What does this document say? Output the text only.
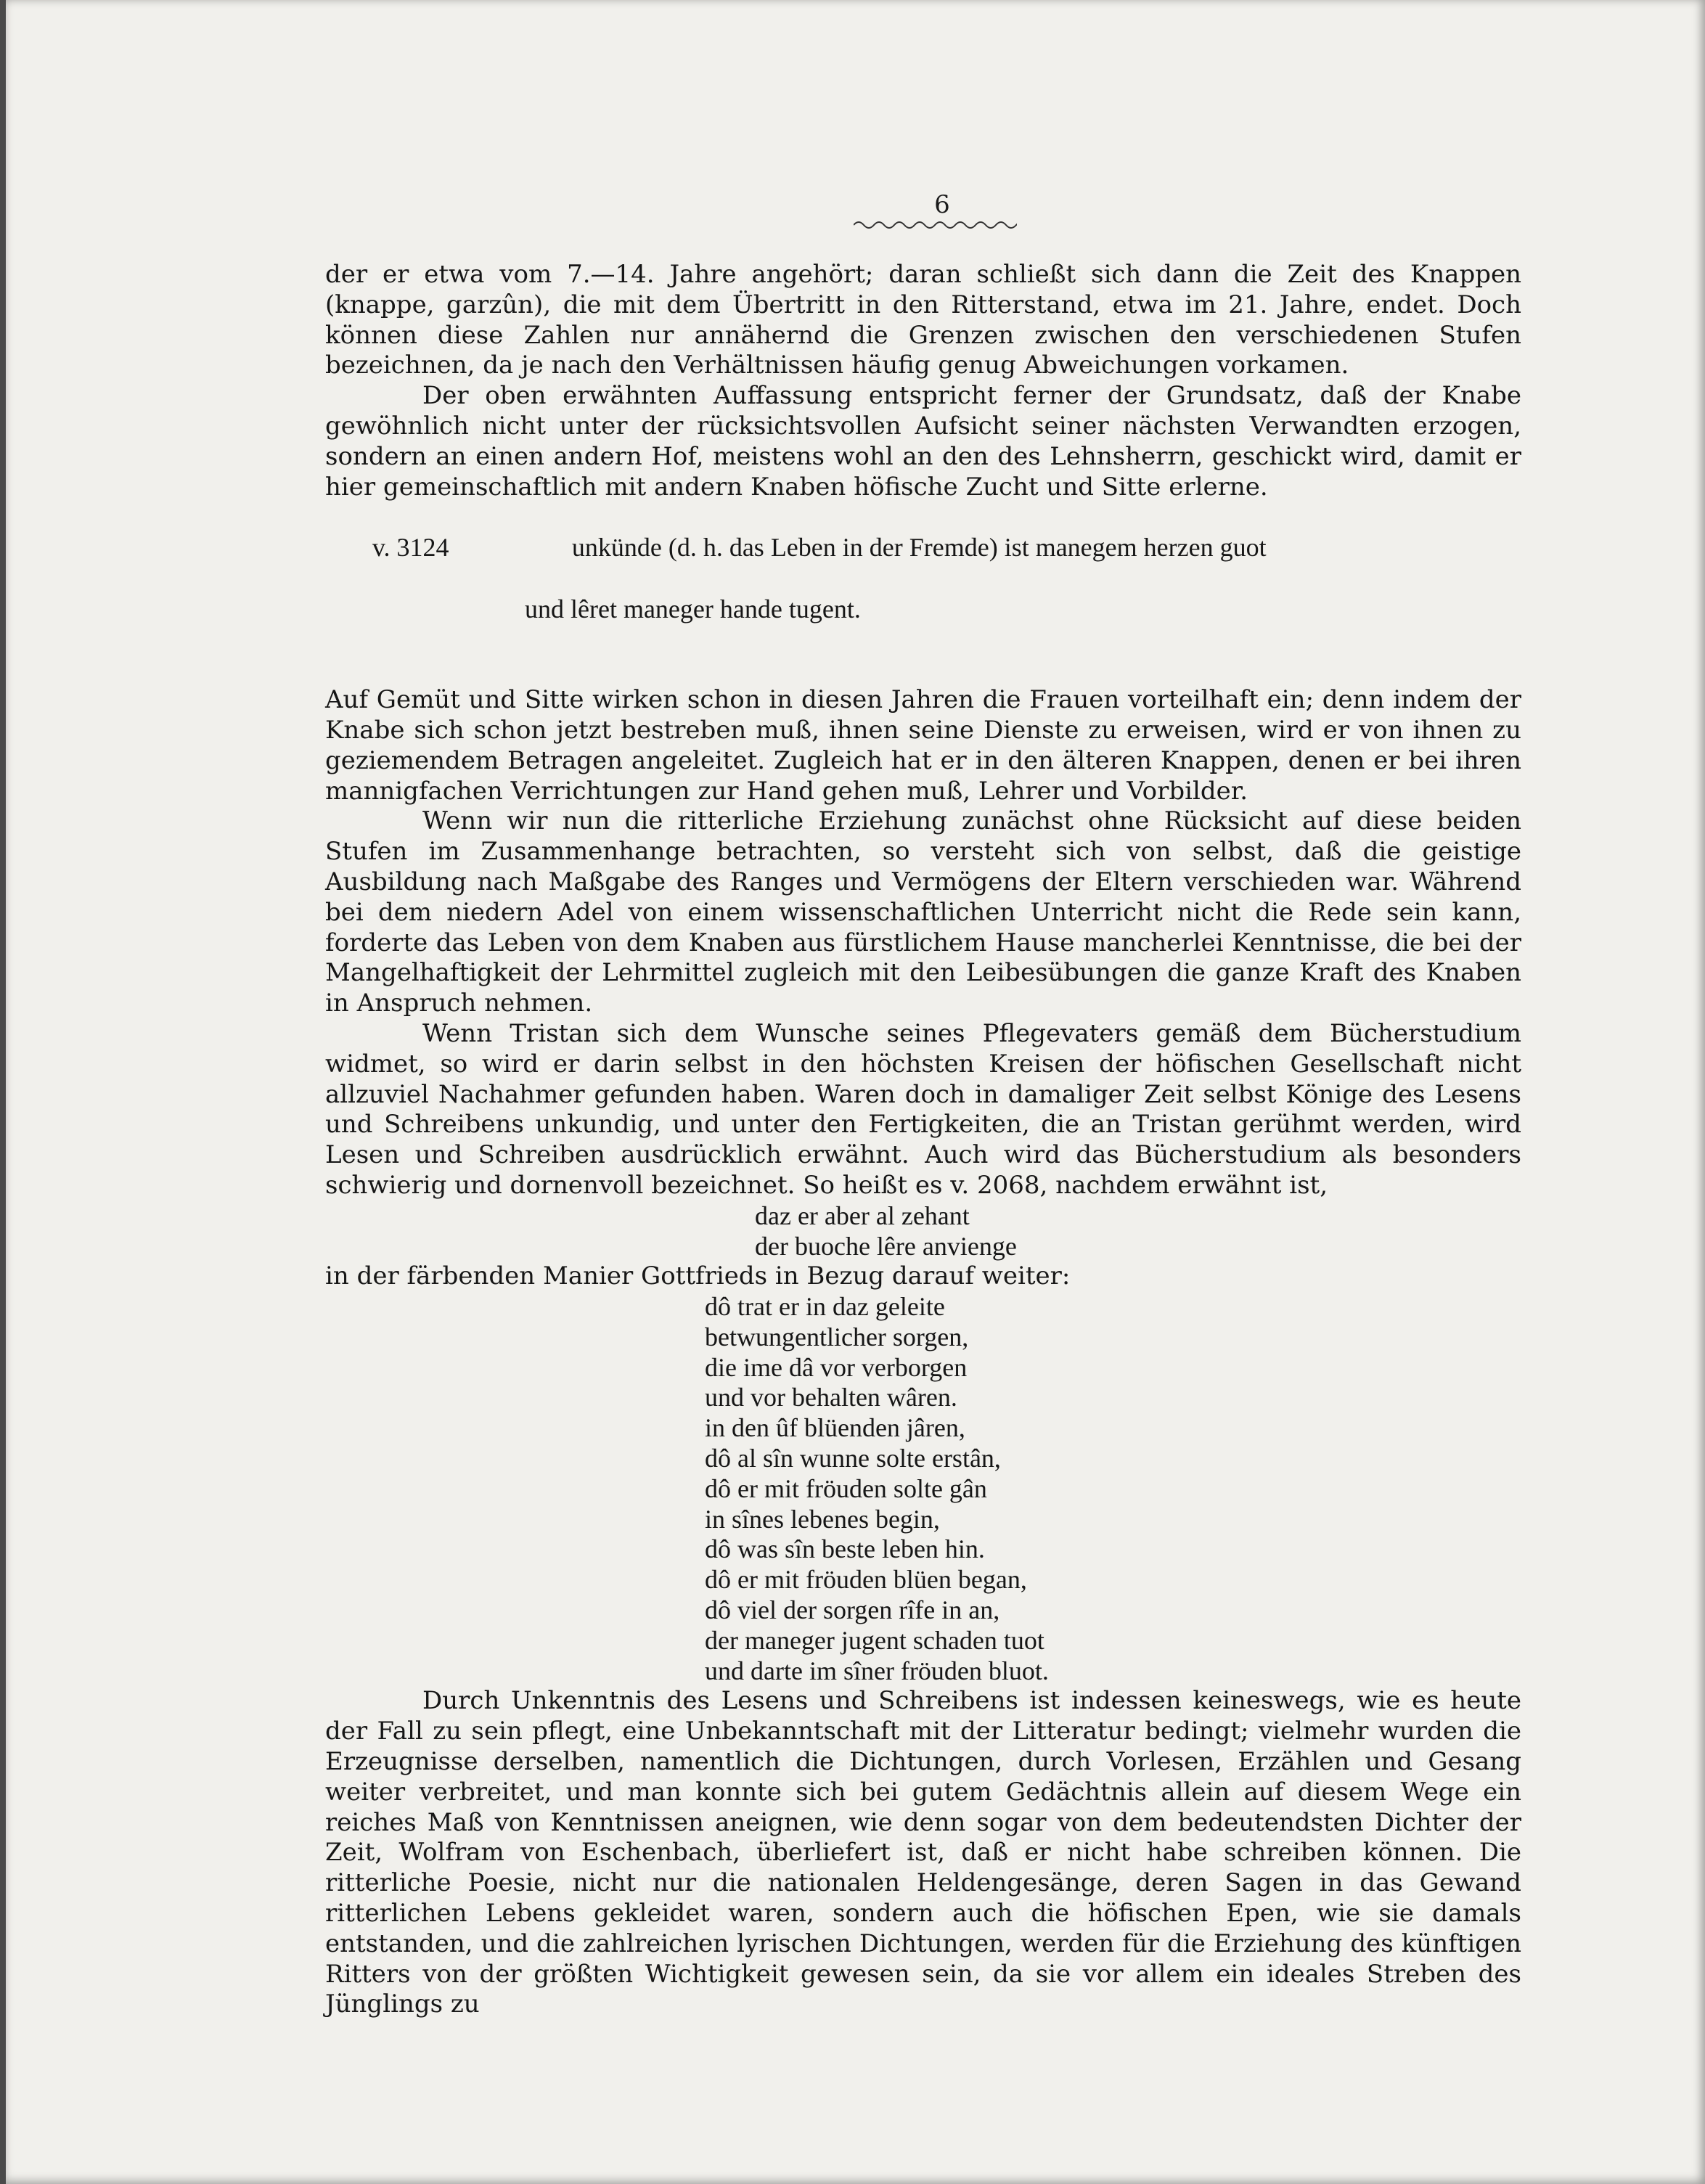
6

der er etwa vom 7.—14. Jahre angehört; daran schließt sich dann die Zeit des Knappen (knappe, garzûn), die mit dem Übertritt in den Ritterstand, etwa im 21. Jahre, endet. Doch können diese Zahlen nur annähernd die Grenzen zwischen den verschiedenen Stufen bezeichnen, da je nach den Verhältnissen häufig genug Abweichungen vorkamen.

Der oben erwähnten Auffassung entspricht ferner der Grundsatz, daß der Knabe gewöhnlich nicht unter der rücksichtsvollen Aufsicht seiner nächsten Verwandten erzogen, sondern an einen andern Hof, meistens wohl an den des Lehnsherrn, geschickt wird, damit er hier gemeinschaftlich mit andern Knaben höfische Zucht und Sitte erlerne.

v. 3124	unkünde (d. h. das Leben in der Fremde) ist manegem herzen guot

und lêret maneger hande tugent.

Auf Gemüt und Sitte wirken schon in diesen Jahren die Frauen vorteilhaft ein; denn indem der Knabe sich schon jetzt bestreben muß, ihnen seine Dienste zu erweisen, wird er von ihnen zu geziemendem Betragen angeleitet. Zugleich hat er in den älteren Knappen, denen er bei ihren mannigfachen Verrichtungen zur Hand gehen muß, Lehrer und Vorbilder.

Wenn wir nun die ritterliche Erziehung zunächst ohne Rücksicht auf diese beiden Stufen im Zusammenhange betrachten, so versteht sich von selbst, daß die geistige Ausbildung nach Maßgabe des Ranges und Vermögens der Eltern verschieden war. Während bei dem niedern Adel von einem wissenschaftlichen Unterricht nicht die Rede sein kann, forderte das Leben von dem Knaben aus fürstlichem Hause mancherlei Kenntnisse, die bei der Mangelhaftigkeit der Lehrmittel zugleich mit den Leibesübungen die ganze Kraft des Knaben in Anspruch nehmen.

Wenn Tristan sich dem Wunsche seines Pflegevaters gemäß dem Bücherstudium widmet, so wird er darin selbst in den höchsten Kreisen der höfischen Gesellschaft nicht allzuviel Nachahmer gefunden haben. Waren doch in damaliger Zeit selbst Könige des Lesens und Schreibens unkundig, und unter den Fertigkeiten, die an Tristan gerühmt werden, wird Lesen und Schreiben ausdrücklich erwähnt. Auch wird das Bücherstudium als besonders schwierig und dornenvoll bezeichnet. So heißt es v. 2068, nachdem erwähnt ist,

daz er aber al zehant
der buoche lêre anvienge

in der färbenden Manier Gottfrieds in Bezug darauf weiter:

dô trat er in daz geleite
betwungentlicher sorgen,
die ime dâ vor verborgen
und vor behalten wâren.
in den ûf blüenden jâren,
dô al sîn wunne solte erstân,
dô er mit fröuden solte gân
in sînes lebenes begin,
dô was sîn beste leben hin.
dô er mit fröuden blüen began,
dô viel der sorgen rîfe in an,
der maneger jugent schaden tuot
und darte im sîner fröuden bluot.

Durch Unkenntnis des Lesens und Schreibens ist indessen keineswegs, wie es heute der Fall zu sein pflegt, eine Unbekanntschaft mit der Litteratur bedingt; vielmehr wurden die Erzeugnisse derselben, namentlich die Dichtungen, durch Vorlesen, Erzählen und Gesang weiter verbreitet, und man konnte sich bei gutem Gedächtnis allein auf diesem Wege ein reiches Maß von Kenntnissen aneignen, wie denn sogar von dem bedeutendsten Dichter der Zeit, Wolfram von Eschenbach, überliefert ist, daß er nicht habe schreiben können. Die ritterliche Poesie, nicht nur die nationalen Heldengesänge, deren Sagen in das Gewand ritterlichen Lebens gekleidet waren, sondern auch die höfischen Epen, wie sie damals entstanden, und die zahlreichen lyrischen Dichtungen, werden für die Erziehung des künftigen Ritters von der größten Wichtigkeit gewesen sein, da sie vor allem ein ideales Streben des Jünglings zu
